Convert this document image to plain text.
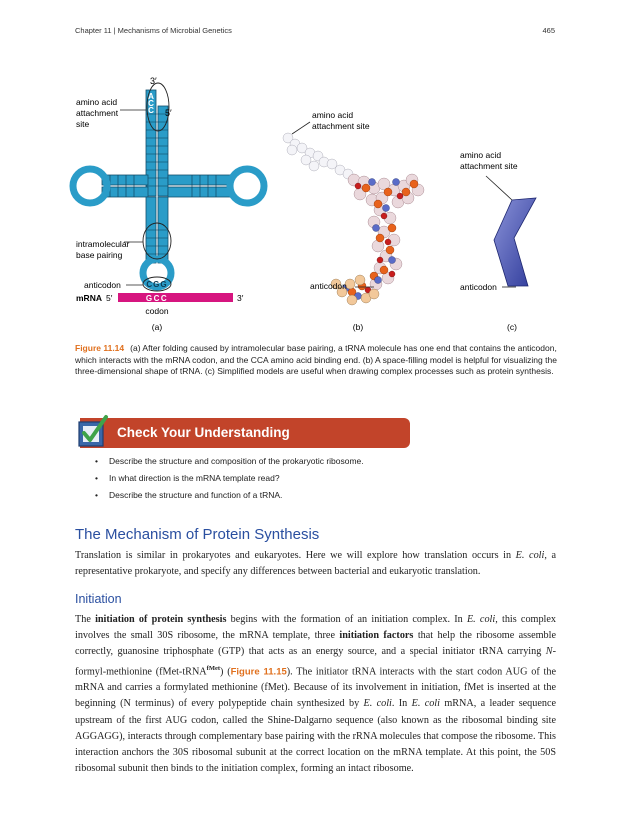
Chapter 11 | Mechanisms of Microbial Genetics	465
A
C
C
CGG
GCC
3′
5′
amino acid
attachment
site
intramolecular
base pairing
anticodon
mRNA 5′	3′
codon
(a)
amino acid
attachment site
anticodon
(b)
amino acid
attachment site
anticodon
(c)
Figure 11.14 (a) After folding caused by intramolecular base pairing, a tRNA molecule has one end that contains the anticodon, which interacts with the mRNA codon, and the CCA amino acid binding end. (b) A space-filling model is helpful for visualizing the three-dimensional shape of tRNA. (c) Simplified models are useful when drawing complex processes such as protein synthesis.
Check Your Understanding
• Describe the structure and composition of the prokaryotic ribosome.
• In what direction is the mRNA template read?
• Describe the structure and function of a tRNA.
The Mechanism of Protein Synthesis

Translation is similar in prokaryotes and eukaryotes. Here we will explore how translation occurs in E. coli, a representative prokaryote, and specify any differences between bacterial and eukaryotic translation.

Initiation

The initiation of protein synthesis begins with the formation of an initiation complex. In E. coli, this complex involves the small 30S ribosome, the mRNA template, three initiation factors that help the ribosome assemble correctly, guanosine triphosphate (GTP) that acts as an energy source, and a special initiator tRNA carrying N-formyl-methionine (fMet-tRNA$^{fMet}$) (Figure 11.15). The initiator tRNA interacts with the start codon AUG of the mRNA and carries a formylated methionine (fMet). Because of its involvement in initiation, fMet is inserted at the beginning (N terminus) of every polypeptide chain synthesized by E. coli. In E. coli mRNA, a leader sequence upstream of the first AUG codon, called the Shine-Dalgarno sequence (also known as the ribosomal binding site AGGAGG), interacts through complementary base pairing with the rRNA molecules that compose the ribosome. This interaction anchors the 30S ribosomal subunit at the correct location on the mRNA template. At this point, the 50S ribosomal subunit then binds to the initiation complex, forming an intact ribosome.
